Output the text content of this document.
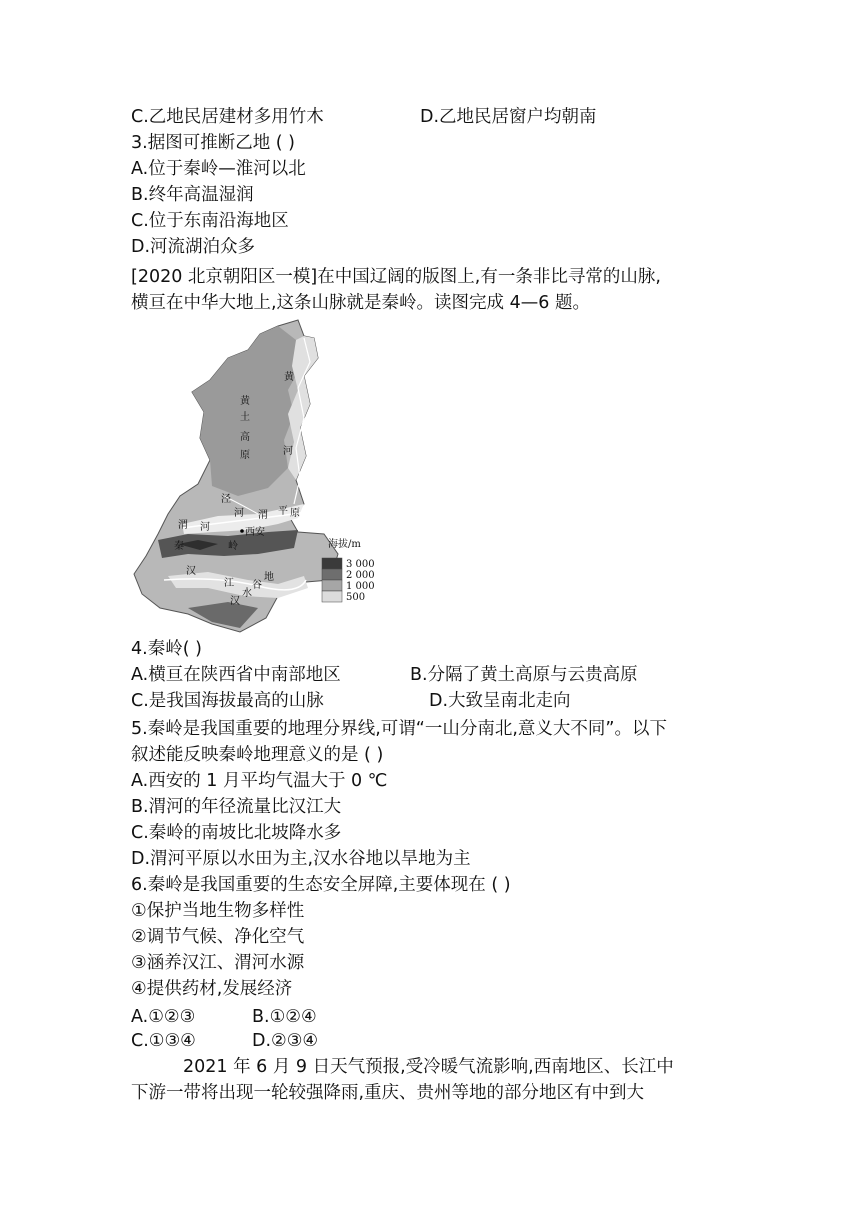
C.乙地民居建材多用竹木	D.乙地民居窗户均朝南
3.据图可推断乙地 ( )
A.位于秦岭—淮河以北
B.终年高温湿润
C.位于东南沿海地区
D.河流湖泊众多
[2020 北京朝阳区一模]在中国辽阔的版图上,有一条非比寻常的山脉,
横亘在中华大地上,这条山脉就是秦岭。读图完成 4—6 题。
黄
黄
土
高
原	河
泾
河 渭 平 原
渭 河	西安
秦	岭
汉
江
汉
水
谷
地
海拔/m
3 000
2 000
1 000
500
4.秦岭( )
A.横亘在陕西省中南部地区	B.分隔了黄土高原与云贵高原
C.是我国海拔最高的山脉	D.大致呈南北走向
5.秦岭是我国重要的地理分界线,可谓“一山分南北,意义大不同”。以下
叙述能反映秦岭地理意义的是 ( )
A.西安的 1 月平均气温大于 0 ℃
B.渭河的年径流量比汉江大
C.秦岭的南坡比北坡降水多
D.渭河平原以水田为主,汉水谷地以旱地为主
6.秦岭是我国重要的生态安全屏障,主要体现在 ( )
①保护当地生物多样性
②调节气候、净化空气
③涵养汉江、渭河水源
④提供药材,发展经济
A.①②③	B.①②④
C.①③④	D.②③④
2021 年 6 月 9 日天气预报,受冷暖气流影响,西南地区、长江中
下游一带将出现一轮较强降雨,重庆、贵州等地的部分地区有中到大
